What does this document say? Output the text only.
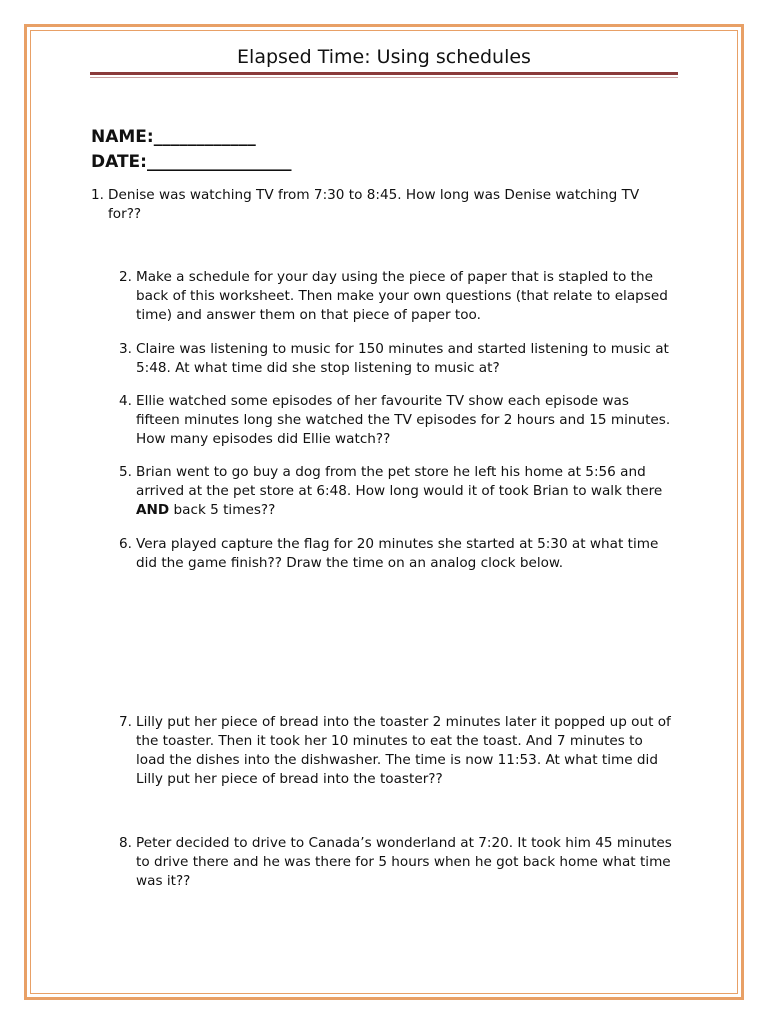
Elapsed Time: Using schedules
NAME:____________
DATE:_________________
1. Denise was watching TV from 7:30 to 8:45. How long was Denise watching TV for??
2. Make a schedule for your day using the piece of paper that is stapled to the back of this worksheet. Then make your own questions (that relate to elapsed time) and answer them on that piece of paper too.
3. Claire was listening to music for 150 minutes and started listening to music at 5:48. At what time did she stop listening to music at?
4. Ellie watched some episodes of her favourite TV show each episode was fifteen minutes long she watched the TV episodes for 2 hours and 15 minutes. How many episodes did Ellie watch??
5. Brian went to go buy a dog from the pet store he left his home at 5:56 and arrived at the pet store at 6:48. How long would it of took Brian to walk there AND back 5 times??
6. Vera played capture the flag for 20 minutes she started at 5:30 at what time did the game finish?? Draw the time on an analog clock below.
7. Lilly put her piece of bread into the toaster 2 minutes later it popped up out of the toaster. Then it took her 10 minutes to eat the toast. And 7 minutes to load the dishes into the dishwasher. The time is now 11:53. At what time did Lilly put her piece of bread into the toaster??
8. Peter decided to drive to Canada’s wonderland at 7:20. It took him 45 minutes to drive there and he was there for 5 hours when he got back home what time was it??
